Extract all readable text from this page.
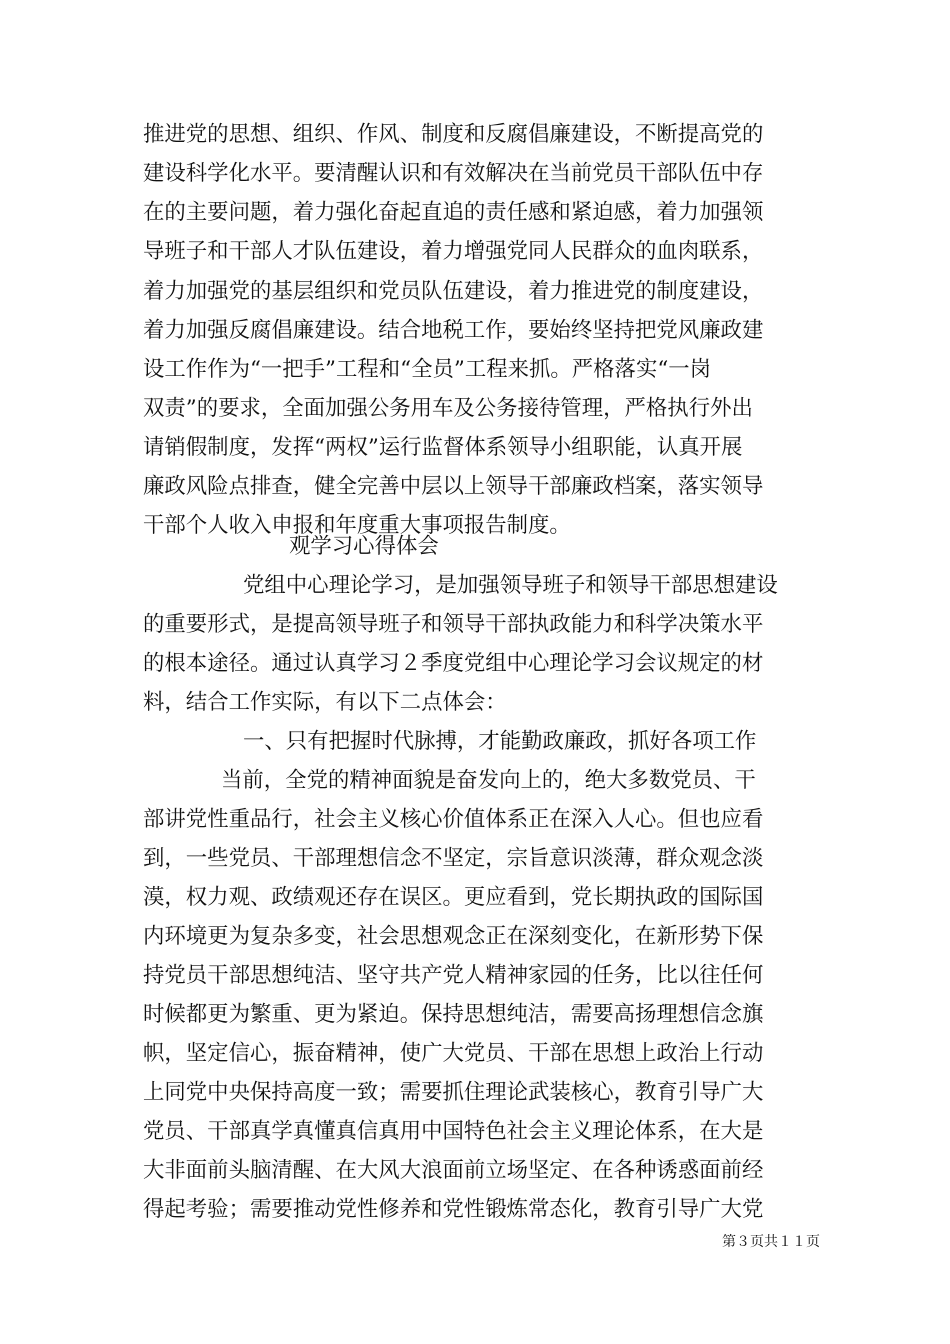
推进党的思想、组织、作风、制度和反腐倡廉建设，不断提高党的
建设科学化水平。要清醒认识和有效解决在当前党员干部队伍中存
在的主要问题，着力强化奋起直追的责任感和紧迫感，着力加强领
导班子和干部人才队伍建设，着力增强党同人民群众的血肉联系，
着力加强党的基层组织和党员队伍建设，着力推进党的制度建设，
着力加强反腐倡廉建设。结合地税工作，要始终坚持把党风廉政建
设工作作为“一把手”工程和“全员”工程来抓。严格落实“一岗
双责”的要求，全面加强公务用车及公务接待管理，严格执行外出
请销假制度，发挥“两权”运行监督体系领导小组职能，认真开展
廉政风险点排查，健全完善中层以上领导干部廉政档案，落实领导
干部个人收入申报和年度重大事项报告制度。
观学习心得体会
党组中心理论学习，是加强领导班子和领导干部思想建设
的重要形式，是提高领导班子和领导干部执政能力和科学决策水平
的根本途径。通过认真学习２季度党组中心理论学习会议规定的材
料，结合工作实际，有以下二点体会：
一、只有把握时代脉搏，才能勤政廉政，抓好各项工作
当前，全党的精神面貌是奋发向上的，绝大多数党员、干
部讲党性重品行，社会主义核心价值体系正在深入人心。但也应看
到，一些党员、干部理想信念不坚定，宗旨意识淡薄，群众观念淡
漠，权力观、政绩观还存在误区。更应看到，党长期执政的国际国
内环境更为复杂多变，社会思想观念正在深刻变化，在新形势下保
持党员干部思想纯洁、坚守共产党人精神家园的任务，比以往任何
时候都更为繁重、更为紧迫。保持思想纯洁，需要高扬理想信念旗
帜，坚定信心，振奋精神，使广大党员、干部在思想上政治上行动
上同党中央保持高度一致；需要抓住理论武装核心，教育引导广大
党员、干部真学真懂真信真用中国特色社会主义理论体系，在大是
大非面前头脑清醒、在大风大浪面前立场坚定、在各种诱惑面前经
得起考验；需要推动党性修养和党性锻炼常态化，教育引导广大党
第３页共１１页
